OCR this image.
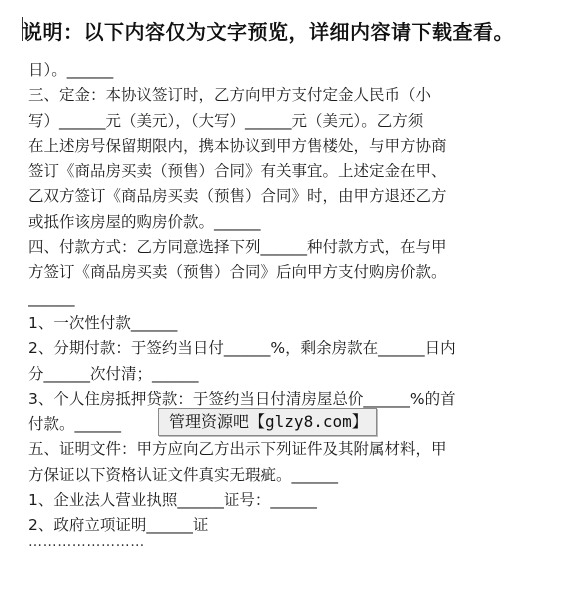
说明：以下内容仅为文字预览，详细内容请下载查看。
日）。______
三、定金：本协议签订时，乙方向甲方支付定金人民币（小
写）______元（美元），（大写）______元（美元）。乙方须
在上述房号保留期限内，携本协议到甲方售楼处，与甲方协商
签订《商品房买卖（预售）合同》有关事宜。上述定金在甲、
乙双方签订《商品房买卖（预售）合同》时，由甲方退还乙方
或抵作该房屋的购房价款。______
四、付款方式：乙方同意选择下列______种付款方式，在与甲
方签订《商品房买卖（预售）合同》后向甲方支付购房价款。
______
1、一次性付款______
2、分期付款：于签约当日付______%，剩余房款在______日内
分______次付清；______
3、个人住房抵押贷款：于签约当日付清房屋总价______%的首
付款。______
五、证明文件：甲方应向乙方出示下列证件及其附属材料，甲
方保证以下资格认证文件真实无瑕疵。______
1、企业法人营业执照______证号：______
2、政府立项证明______证
管理资源吧【glzy8.com】
……………………
